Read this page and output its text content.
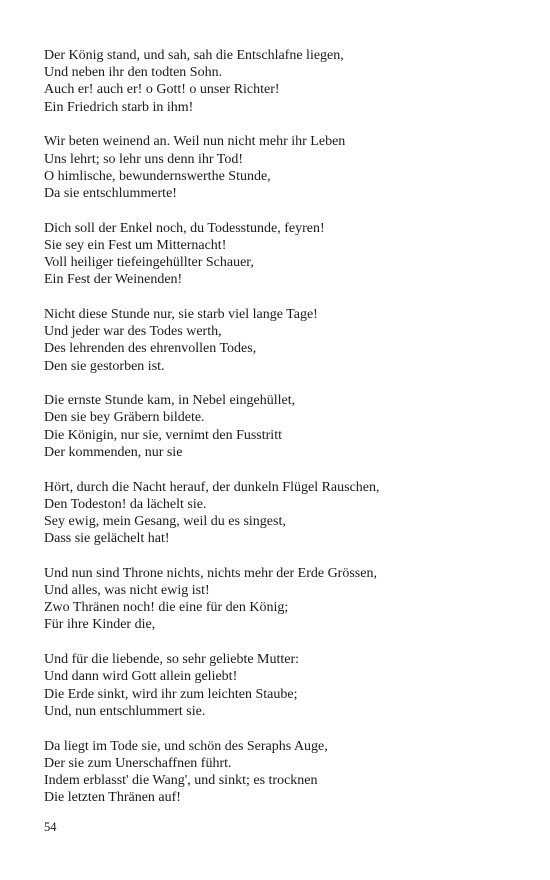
Der König stand, und sah, sah die Entschlafne liegen,
Und neben ihr den todten Sohn.
Auch er! auch er! o Gott! o unser Richter!
Ein Friedrich starb in ihm!
Wir beten weinend an. Weil nun nicht mehr ihr Leben
Uns lehrt; so lehr uns denn ihr Tod!
O himlische, bewundernswerthe Stunde,
Da sie entschlummerte!
Dich soll der Enkel noch, du Todesstunde, feyren!
Sie sey ein Fest um Mitternacht!
Voll heiliger tiefeingehüllter Schauer,
Ein Fest der Weinenden!
Nicht diese Stunde nur, sie starb viel lange Tage!
Und jeder war des Todes werth,
Des lehrenden des ehrenvollen Todes,
Den sie gestorben ist.
Die ernste Stunde kam, in Nebel eingehüllet,
Den sie bey Gräbern bildete.
Die Königin, nur sie, vernimt den Fusstritt
Der kommenden, nur sie
Hört, durch die Nacht herauf, der dunkeln Flügel Rauschen,
Den Todeston! da lächelt sie.
Sey ewig, mein Gesang, weil du es singest,
Dass sie gelächelt hat!
Und nun sind Throne nichts, nichts mehr der Erde Grössen,
Und alles, was nicht ewig ist!
Zwo Thränen noch! die eine für den König;
Für ihre Kinder die,
Und für die liebende, so sehr geliebte Mutter:
Und dann wird Gott allein geliebt!
Die Erde sinkt, wird ihr zum leichten Staube;
Und, nun entschlummert sie.
Da liegt im Tode sie, und schön des Seraphs Auge,
Der sie zum Unerschaffnen führt.
Indem erblasst' die Wang', und sinkt; es trocknen
Die letzten Thränen auf!
54
